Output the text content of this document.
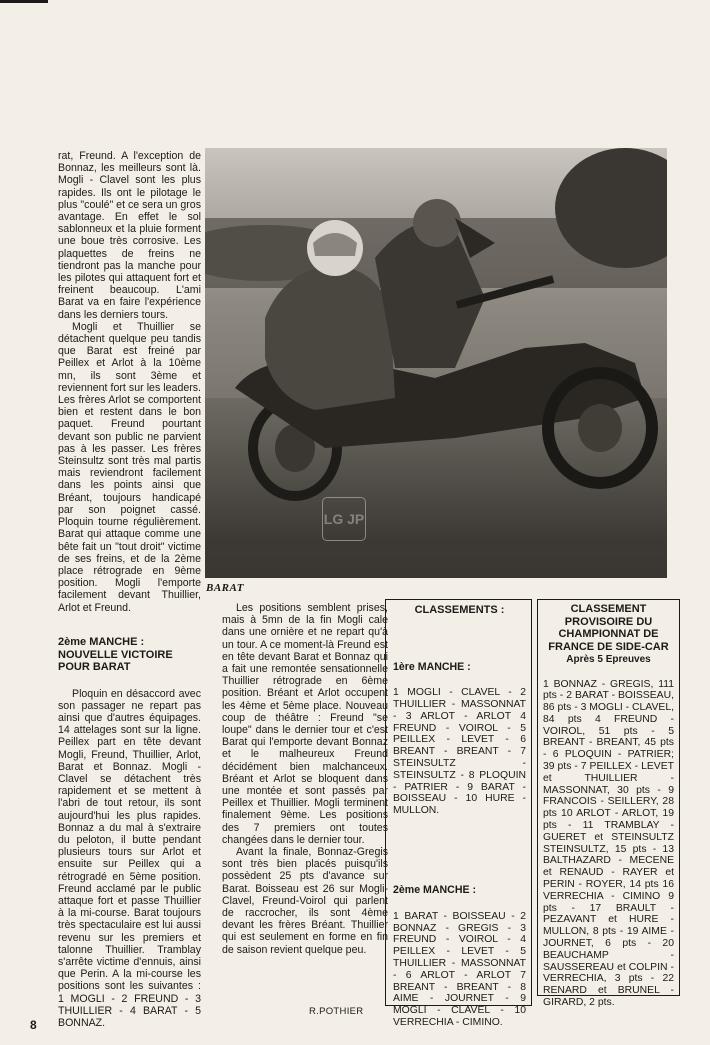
rat, Freund. A l'exception de Bonnaz, les meilleurs sont là. Mogli - Clavel sont les plus rapides. Ils ont le pilotage le plus "coulé" et ce sera un gros avantage. En effet le sol sablonneux et la pluie forment une boue très corrosive. Les plaquettes de freins ne tiendront pas la manche pour les pilotes qui attaquent fort et freinent beaucoup. L'ami Barat va en faire l'expérience dans les derniers tours.

Mogli et Thuillier se détachent quelque peu tandis que Barat est freiné par Peillex et Arlot à la 10ème mn, ils sont 3ème et reviennent fort sur les leaders. Les frères Arlot se comportent bien et restent dans le bon paquet. Freund pourtant devant son public ne parvient pas à les passer. Les frères Steinsultz sont très mal partis mais reviendront facilement dans les points ainsi que Bréant, toujours handicapé par son poignet cassé. Ploquin tourne régulièrement. Barat qui attaque comme une bête fait un "tout droit" victime de ses freins, et de la 2ème place rétrograde en 9ème position. Mogli l'emporte facilement devant Thuillier, Arlot et Freund.

2ème MANCHE : NOUVELLE VICTOIRE POUR BARAT

Ploquin en désaccord avec son passager ne repart pas ainsi que d'autres équipages. 14 attelages sont sur la ligne. Peillex part en tête devant Mogli, Freund, Thuillier, Arlot, Barat et Bonnaz. Mogli - Clavel se détachent très rapidement et se mettent à l'abri de tout retour, ils sont aujourd'hui les plus rapides. Bonnaz a du mal à s'extraire du peloton, il butte pendant plusieurs tours sur Arlot et ensuite sur Peillex qui a rétrogradé en 5ème position. Freund acclamé par le public attaque fort et passe Thuillier à la mi-course. Barat toujours très spectaculaire est lui aussi revenu sur les premiers et talonne Thuillier. Tramblay s'arrête victime d'ennuis, ainsi que Perin. A la mi-course les positions sont les suivantes : 1 MOGLI - 2 FREUND - 3 THUILLIER - 4 BARAT - 5 BONNAZ.

LG JP
BARAT

Les positions semblent prises, mais à 5mn de la fin Mogli cale dans une ornière et ne repart qu'à un tour. A ce moment-là Freund est en tête devant Barat et Bonnaz qui a fait une remontée sensationnelle Thuillier rétrograde en 6ème position. Bréant et Arlot occupent les 4ème et 5ème place. Nouveau coup de théâtre : Freund "se loupe" dans le dernier tour et c'est Barat qui l'emporte devant Bonnaz et le malheureux Freund décidément bien malchanceux. Bréant et Arlot se bloquent dans une montée et sont passés par Peillex et Thuillier. Mogli terminent finalement 9ème. Les positions des 7 premiers ont toutes changées dans le dernier tour.

Avant la finale, Bonnaz-Gregis sont très bien placés puisqu'ils possèdent 25 pts d'avance sur Barat. Boisseau est 26 sur Mogli-Clavel, Freund-Voirol qui parlent de raccrocher, ils sont 4ème devant les frères Bréant. Thuillier qui est seulement en forme en fin de saison revient quelque peu.

R.POTHIER
CLASSEMENTS :
1ère MANCHE :

1 MOGLI - CLAVEL - 2 THUILLIER - MASSONNAT - 3 ARLOT - ARLOT 4 FREUND - VOIROL - 5 PEILLEX - LEVET - 6 BREANT - BREANT - 7 STEINSULTZ - STEINSULTZ - 8 PLOQUIN - PATRIER - 9 BARAT - BOISSEAU - 10 HURE - MULLON.

2ème MANCHE :

1 BARAT - BOISSEAU - 2 BONNAZ - GREGIS - 3 FREUND - VOIROL - 4 PEILLEX - LEVET - 5 THUILLIER - MASSONNAT - 6 ARLOT - ARLOT 7 BREANT - BREANT - 8 AIME - JOURNET - 9 MOGLI - CLAVEL - 10 VERRECHIA - CIMINO.

CLASSEMENT PROVISOIRE DU CHAMPIONNAT DE FRANCE DE SIDE-CAR
Après 5 Epreuves

1 BONNAZ - GREGIS, 111 pts - 2 BARAT - BOISSEAU, 86 pts - 3 MOGLI - CLAVEL, 84 pts 4 FREUND - VOIROL, 51 pts - 5 BREANT - BREANT, 45 pts - 6 PLOQUIN - PATRIER; 39 pts - 7 PEILLEX - LEVET et THUILLIER - MASSONNAT, 30 pts - 9 FRANCOIS - SEILLERY, 28 pts 10 ARLOT - ARLOT, 19 pts - 11 TRAMBLAY - GUERET et STEINSULTZ STEINSULTZ, 15 pts - 13 BALTHAZARD - MECENE et RENAUD - RAYER et PERIN - ROYER, 14 pts 16 VERRECHIA - CIMINO 9 pts - 17 BRAULT - PEZAVANT et HURE - MULLON, 8 pts - 19 AIME - JOURNET, 6 pts - 20 BEAUCHAMP - SAUSSEREAU et COLPIN - VERRECHIA, 3 pts - 22 RENARD et BRUNEL - GIRARD, 2 pts.

8
